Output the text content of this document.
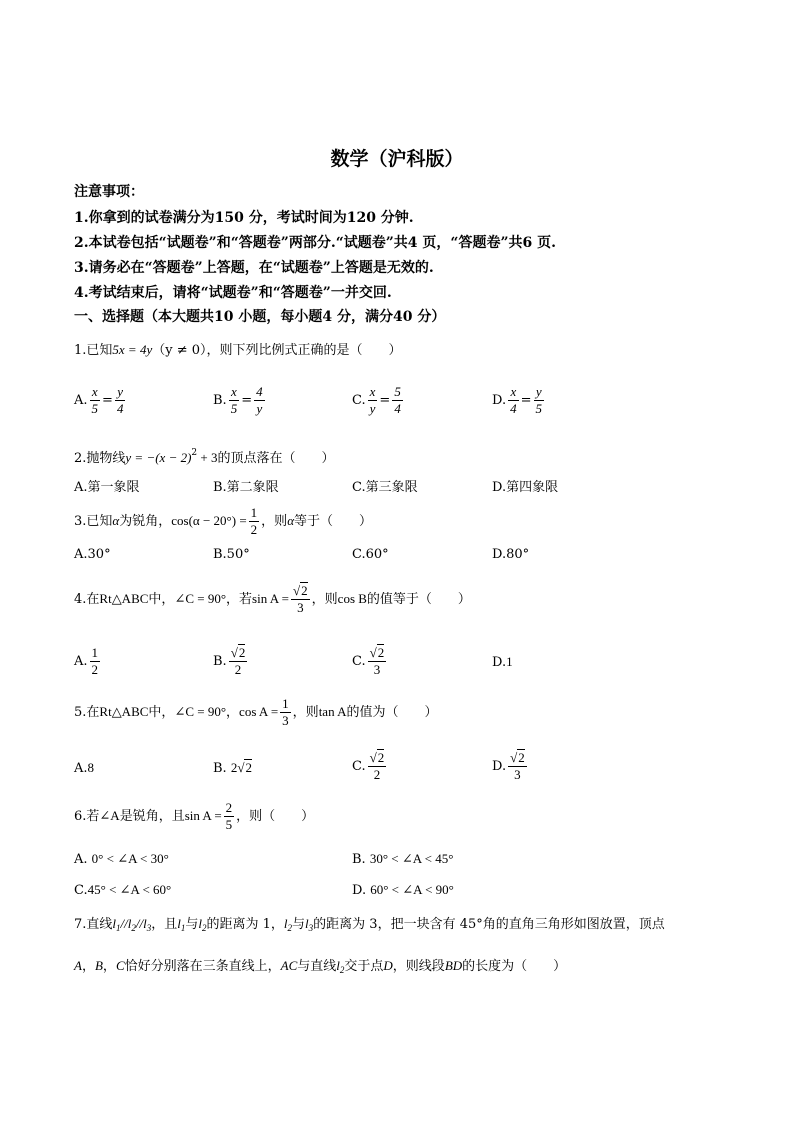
数学（沪科版）
注意事项：
1.你拿到的试卷满分为150 分，考试时间为120 分钟.
2.本试卷包括“试题卷”和“答题卷”两部分.“试题卷”共4 页，“答题卷”共6 页.
3.请务必在“答题卷”上答题，在“试题卷”上答题是无效的.
4.考试结束后，请将“试题卷”和“答题卷”一并交回.
一、选择题（本大题共10 小题，每小题4 分，满分40 分）
1.已知5x = 4y（y ≠ 0），则下列比例式正确的是（　　）
A. $\frac{x}{5} = \frac{y}{4}$	B. $\frac{x}{5} = \frac{4}{y}$	C. $\frac{x}{y} = \frac{5}{4}$	D. $\frac{x}{4} = \frac{y}{5}$
2.抛物线$y = -(x - 2)^2 + 3$的顶点落在（　　）
A.第一象限	B.第二象限	C.第三象限	D.第四象限
3.已知α为锐角，$\cos(\alpha - 20^\circ) = \frac{1}{2}$ ，则α等于（　　）
A.30°	B.50°	C.60°	D.80°
4.在Rt△ABC中，∠C = 90°，若$\sin A = \frac{√2}{3}$ ，则cos B的值等于（　　）
A. $\frac{1}{2}$	B. $\frac{√2}{2}$	C. $\frac{√2}{3}$	D.1
5.在Rt△ABC中，∠C = 90°，$\cos A = \frac{1}{3}$ ，则tan A的值为（　　）
A.8	B. 2√2	C. $\frac{√2}{2}$	D. $\frac{√2}{3}$
6.若∠A是锐角，且$\sin A = \frac{2}{5}$ ，则（　　）
A. 0° < ∠A < 30°	B. 30° < ∠A < 45°
C.45° < ∠A < 60°	D. 60° < ∠A < 90°
7.直线$l_1//l_2//l_3$，且$l_1$与$l_2$的距离为 1，$l_2$与$l_3$的距离为 3，把一块含有 45°角的直角三角形如图放置，顶点
A，B，C恰好分别落在三条直线上，AC与直线$l_2$交于点D，则线段BD的长度为（　　）
